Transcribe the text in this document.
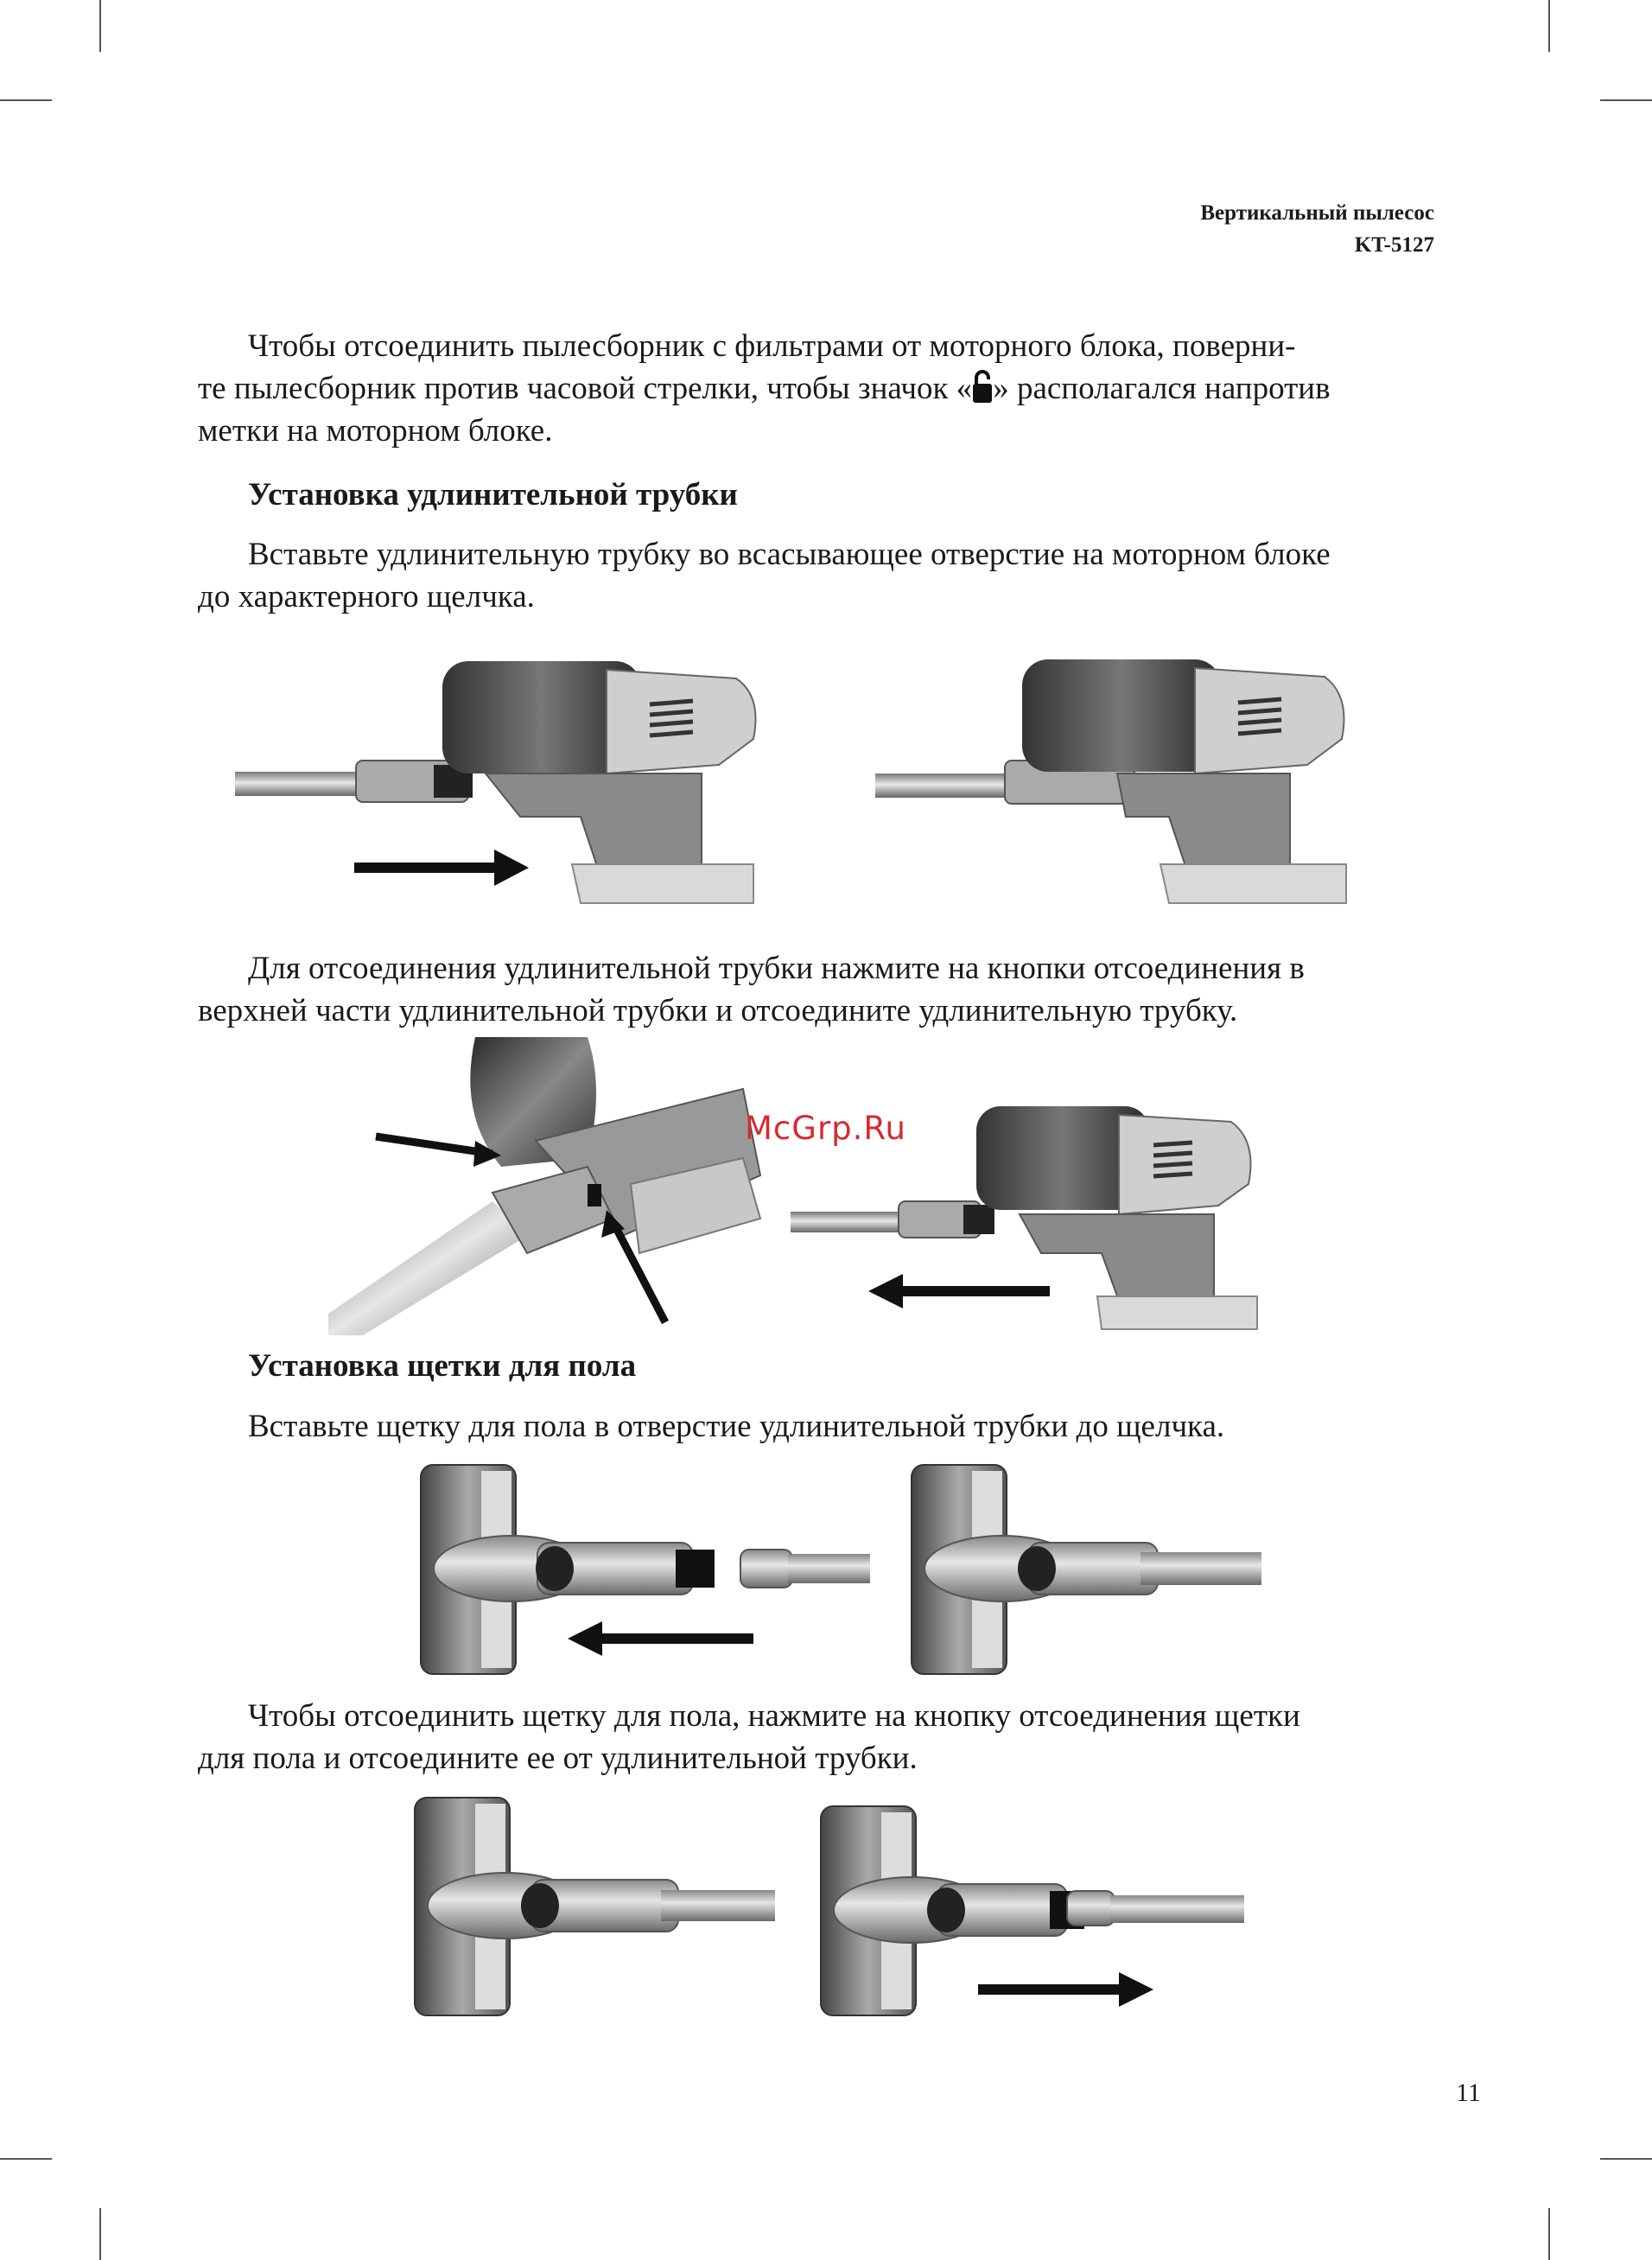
Вертикальный пылесос
KT-5127

Чтобы отсоединить пылесборник с фильтрами от моторного блока, поверни-
те пылесборник против часовой стрелки, чтобы значок « » располагался напротив
метки на моторном блоке.

Установка удлинительной трубки

Вставьте удлинительную трубку во всасывающее отверстие на моторном блоке
до характерного щелчка.

Для отсоединения удлинительной трубки нажмите на кнопки отсоединения в
верхней части удлинительной трубки и отсоедините удлинительную трубку.

McGrp.Ru
Установка щетки для пола

Вставьте щетку для пола в отверстие удлинительной трубки до щелчка.

Чтобы отсоединить щетку для пола, нажмите на кнопку отсоединения щетки
для пола и отсоедините ее от удлинительной трубки.

11
